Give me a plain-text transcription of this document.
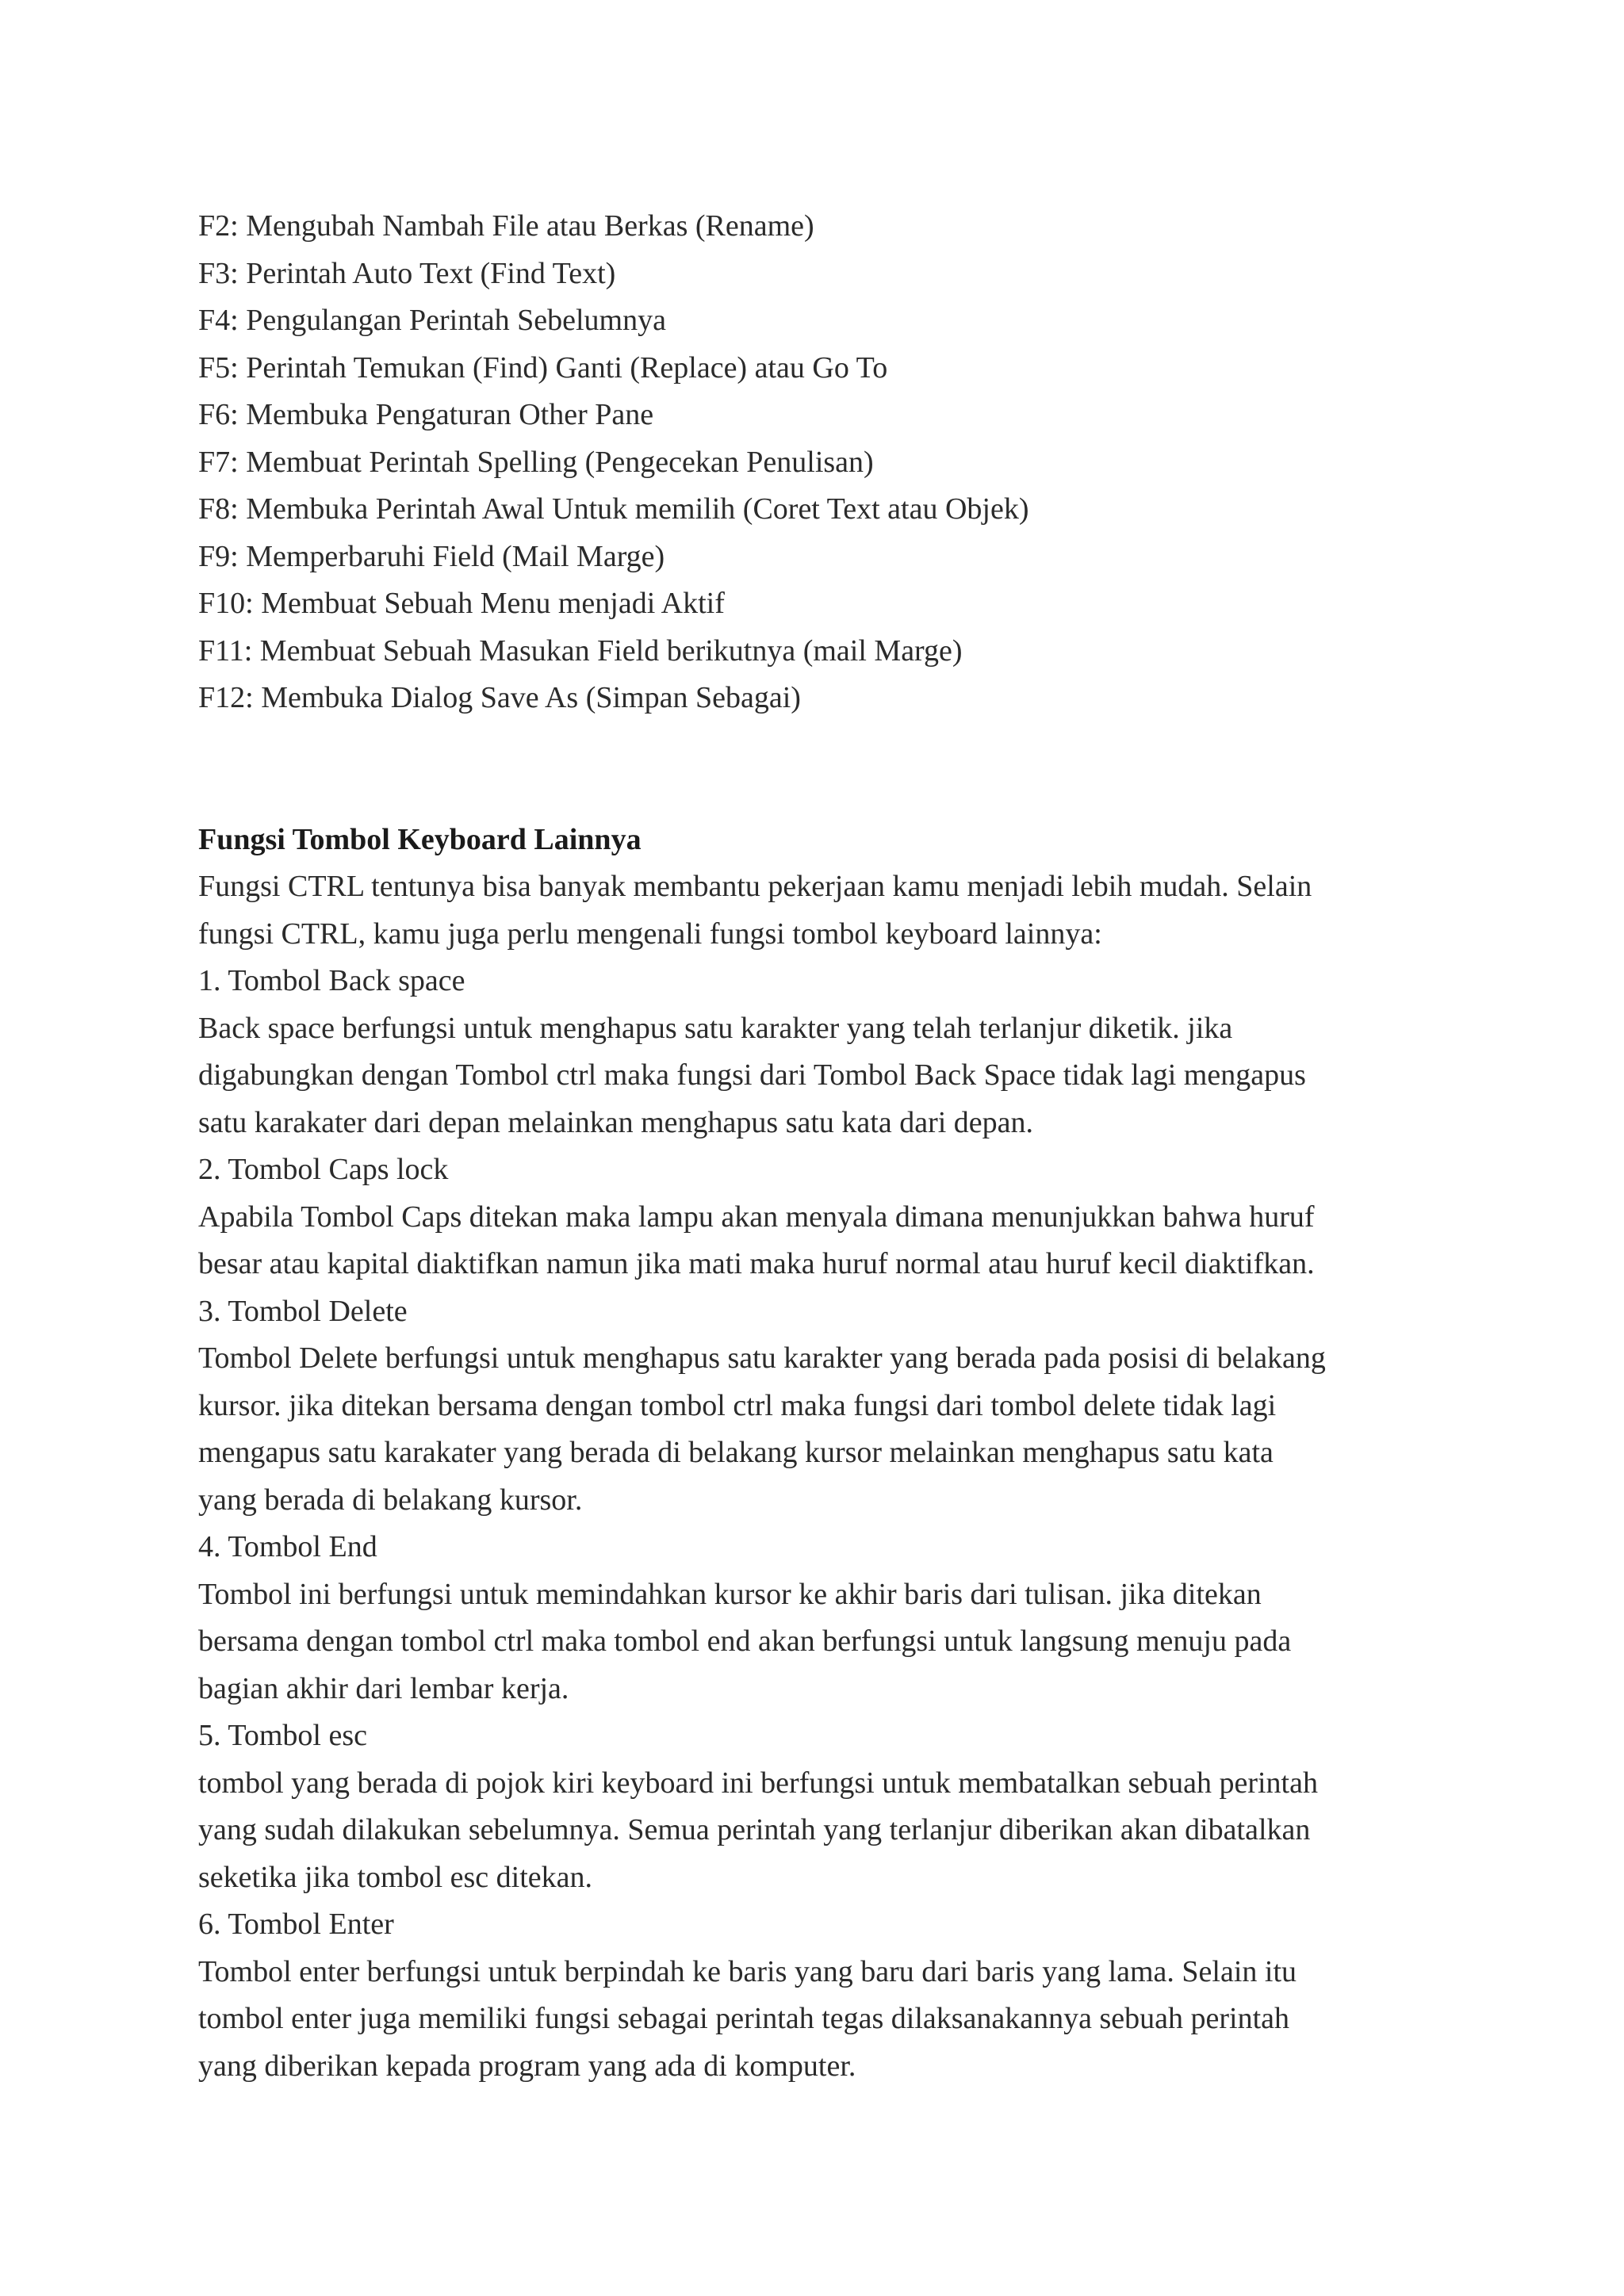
F2: Mengubah Nambah File atau Berkas (Rename)

F3: Perintah Auto Text (Find Text)

F4: Pengulangan Perintah Sebelumnya

F5: Perintah Temukan (Find) Ganti (Replace) atau Go To

F6: Membuka Pengaturan Other Pane

F7: Membuat Perintah Spelling (Pengecekan Penulisan)

F8: Membuka Perintah Awal Untuk memilih (Coret Text atau Objek)

F9: Memperbaruhi Field (Mail Marge)

F10: Membuat Sebuah Menu menjadi Aktif

F11: Membuat Sebuah Masukan Field berikutnya (mail Marge)

F12: Membuka Dialog Save As (Simpan Sebagai)

Fungsi Tombol Keyboard Lainnya

Fungsi CTRL tentunya bisa banyak membantu pekerjaan kamu menjadi lebih mudah. Selain

fungsi CTRL, kamu juga perlu mengenali fungsi tombol keyboard lainnya:

1. Tombol Back space

Back space berfungsi untuk menghapus satu karakter yang telah terlanjur diketik. jika

digabungkan dengan Tombol ctrl maka fungsi dari Tombol Back Space tidak lagi mengapus

satu karakater dari depan melainkan menghapus satu kata dari depan.

2. Tombol Caps lock

Apabila Tombol Caps ditekan maka lampu akan menyala dimana menunjukkan bahwa huruf

besar atau kapital diaktifkan namun jika mati maka huruf normal atau huruf kecil diaktifkan.

3. Tombol Delete

Tombol Delete berfungsi untuk menghapus satu karakter yang berada pada posisi di belakang

kursor. jika ditekan bersama dengan tombol ctrl maka fungsi dari tombol delete tidak lagi

mengapus satu karakater yang berada di belakang kursor melainkan menghapus satu kata

yang berada di belakang kursor.

4. Tombol End

Tombol ini berfungsi untuk memindahkan kursor ke akhir baris dari tulisan. jika ditekan

bersama dengan tombol ctrl maka tombol end akan berfungsi untuk langsung menuju pada

bagian akhir dari lembar kerja.

5. Tombol esc

tombol yang berada di pojok kiri keyboard ini berfungsi untuk membatalkan sebuah perintah

yang sudah dilakukan sebelumnya. Semua perintah yang terlanjur diberikan akan dibatalkan

seketika jika tombol esc ditekan.

6. Tombol Enter

Tombol enter berfungsi untuk berpindah ke baris yang baru dari baris yang lama. Selain itu

tombol enter juga memiliki fungsi sebagai perintah tegas dilaksanakannya sebuah perintah

yang diberikan kepada program yang ada di komputer.
